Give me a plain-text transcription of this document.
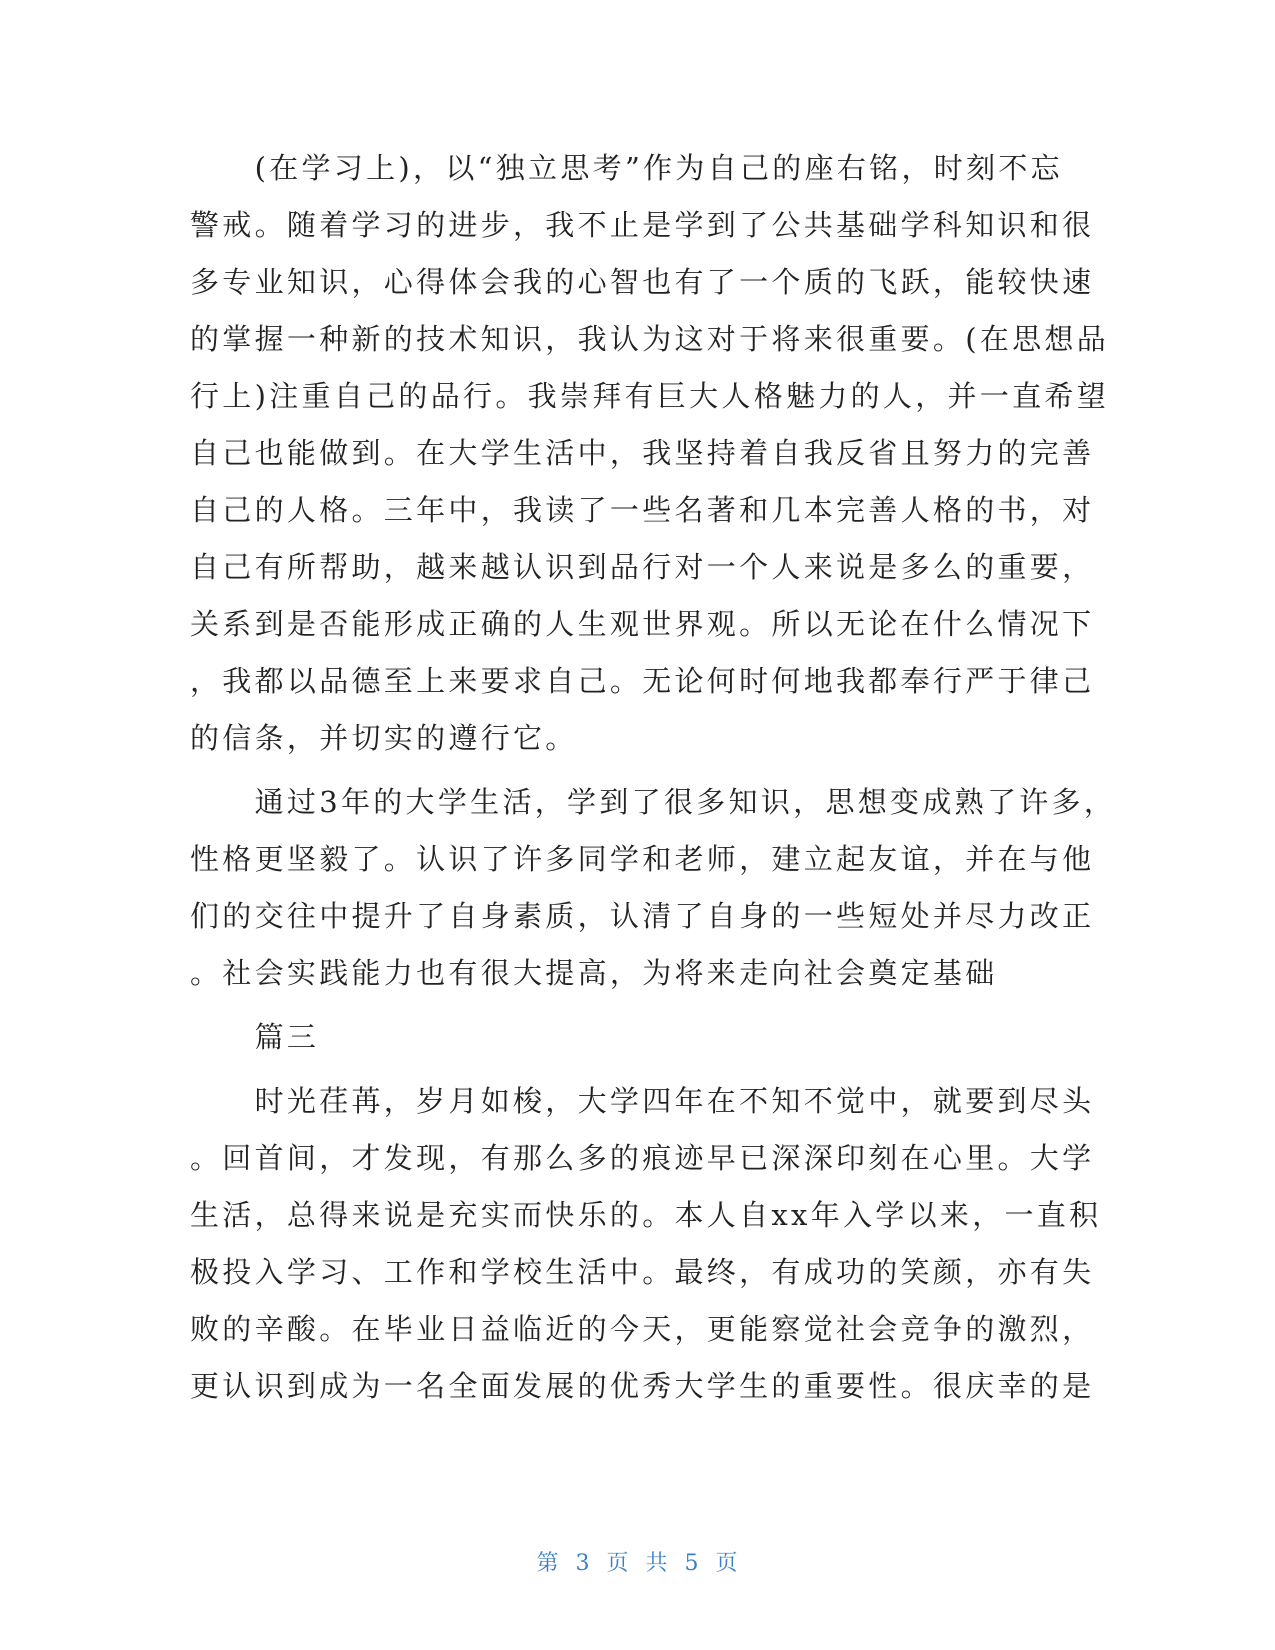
　　(在学习上)，以“独立思考”作为自己的座右铭，时刻不忘
警戒。随着学习的进步，我不止是学到了公共基础学科知识和很
多专业知识，心得体会我的心智也有了一个质的飞跃，能较快速
的掌握一种新的技术知识，我认为这对于将来很重要。(在思想品
行上)注重自己的品行。我崇拜有巨大人格魅力的人，并一直希望
自己也能做到。在大学生活中，我坚持着自我反省且努力的完善
自己的人格。三年中，我读了一些名著和几本完善人格的书，对
自己有所帮助，越来越认识到品行对一个人来说是多么的重要，
关系到是否能形成正确的人生观世界观。所以无论在什么情况下
，我都以品德至上来要求自己。无论何时何地我都奉行严于律己
的信条，并切实的遵行它。
　　通过3年的大学生活，学到了很多知识，思想变成熟了许多，
性格更坚毅了。认识了许多同学和老师，建立起友谊，并在与他
们的交往中提升了自身素质，认清了自身的一些短处并尽力改正
。社会实践能力也有很大提高，为将来走向社会奠定基础
　　篇三
　　时光荏苒，岁月如梭，大学四年在不知不觉中，就要到尽头
。回首间，才发现，有那么多的痕迹早已深深印刻在心里。大学
生活，总得来说是充实而快乐的。本人自xx年入学以来，一直积
极投入学习、工作和学校生活中。最终，有成功的笑颜，亦有失
败的辛酸。在毕业日益临近的今天，更能察觉社会竞争的激烈，
更认识到成为一名全面发展的优秀大学生的重要性。很庆幸的是
第 3 页 共 5 页
